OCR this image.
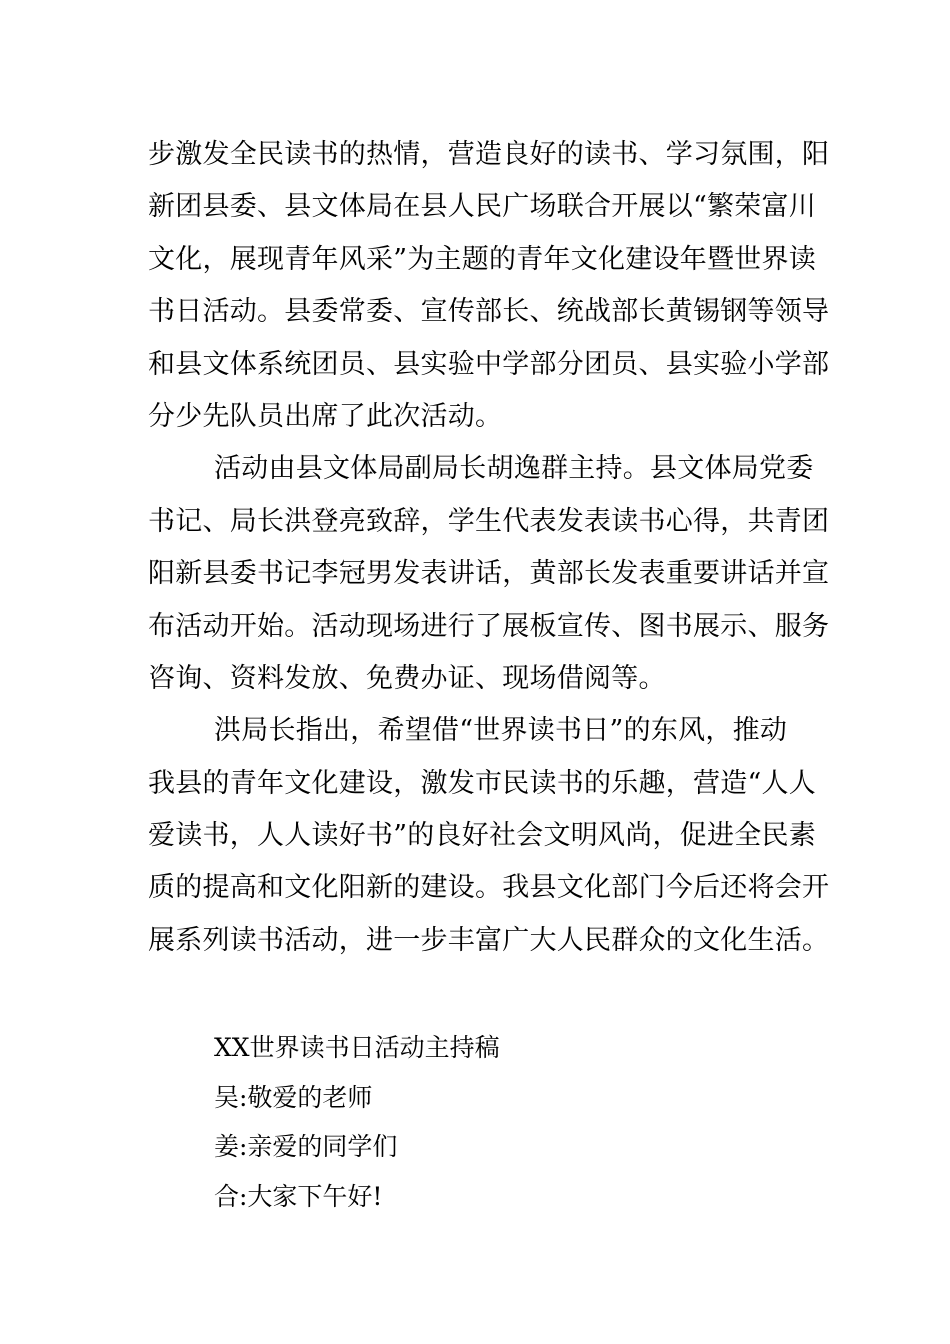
步激发全民读书的热情，营造良好的读书、学习氛围，阳
新团县委、县文体局在县人民广场联合开展以“繁荣富川
文化，展现青年风采”为主题的青年文化建设年暨世界读
书日活动。县委常委、宣传部长、统战部长黄锡钢等领导
和县文体系统团员、县实验中学部分团员、县实验小学部
分少先队员出席了此次活动。
活动由县文体局副局长胡逸群主持。县文体局党委
书记、局长洪登亮致辞，学生代表发表读书心得，共青团
阳新县委书记李冠男发表讲话，黄部长发表重要讲话并宣
布活动开始。活动现场进行了展板宣传、图书展示、服务
咨询、资料发放、免费办证、现场借阅等。
洪局长指出，希望借“世界读书日”的东风，推动
我县的青年文化建设，激发市民读书的乐趣，营造“人人
爱读书，人人读好书”的良好社会文明风尚，促进全民素
质的提高和文化阳新的建设。我县文化部门今后还将会开
展系列读书活动，进一步丰富广大人民群众的文化生活。
XX世界读书日活动主持稿
吴:敬爱的老师
姜:亲爱的同学们
合:大家下午好!
